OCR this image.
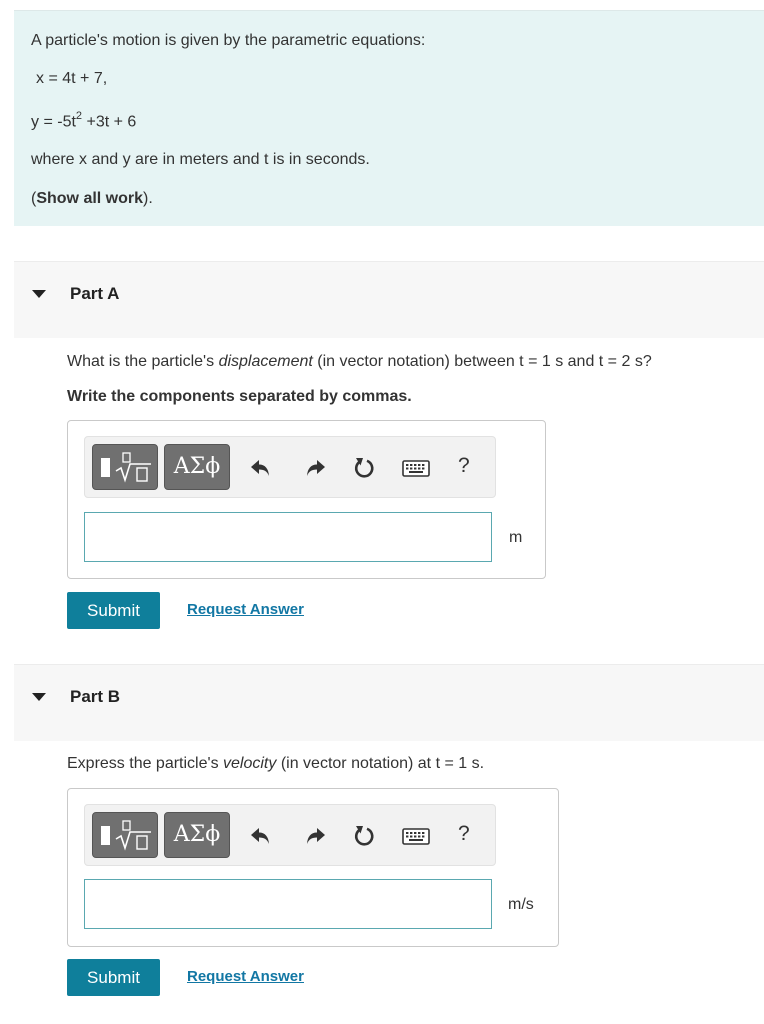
A particle's motion is given by the parametric equations:

x = 4t + 7,

$y = -5t^2 +3t + 6$

where x and y are in meters and t is in seconds.

(Show all work).

Part A
What is the particle's displacement (in vector notation) between t = 1 s and t = 2 s?
Write the components separated by commas.
ΑΣϕ	?
m
Submit	Request Answer
Part B
Express the particle's velocity (in vector notation) at t = 1 s.
ΑΣϕ	?
m/s
Submit	Request Answer
